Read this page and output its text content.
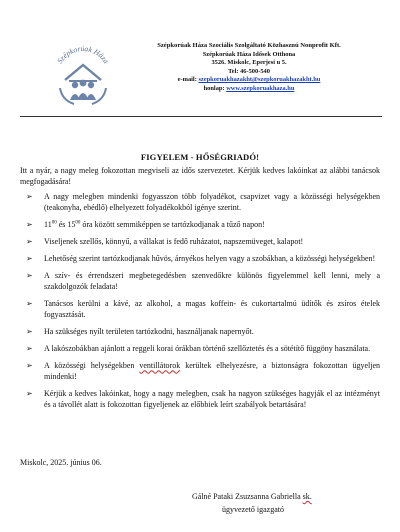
Szépkorúak Háza
Szépkorúak Háza Szociális Szolgáltató Közhasznú Nonprofit Kft.
Szépkorúak Háza Idősek Otthona
3526. Miskolc, Eperjesi u 5.
Tel: 46-500-540
e-mail: szepkoruakhazakht@szepkoruakhazakht.hu
honlap: www.szepkoruakhaza.hu
FIGYELEM - HŐSÉGRIADÓ!

Itt a nyár, a nagy meleg fokozottan megviseli az idős szervezetet. Kérjük kedves lakóinkat az alábbi tanácsok megfogadására!

➢ A nagy melegben mindenki fogyasszon több folyadékot, csapvizet vagy a közösségi helységekben (teakonyha, ebédlő) elhelyezett folyadékokból igénye szerint.
➢ $11^{00}$ és $15^{00}$ óra között semmiképpen se tartózkodjanak a tűző napon!
➢ Viseljenek szellős, könnyű, a vállakat is fedő ruházatot, napszemüveget, kalapot!
➢ Lehetőség szerint tartózkodjanak hűvös, árnyékos helyen vagy a szobákban, a közösségi helységekben!
➢ A szív- és érrendszeri megbetegedésben szenvedőkre különös figyelemmel kell lenni, mely a szakdolgozók feladata!
➢ Tanácsos kerülni a kávé, az alkohol, a magas koffein- és cukortartalmú üdítők és zsíros ételek fogyasztását.
➢ Ha szükséges nyílt területen tartózkodni, használjanak napernyőt.
➢ A lakószobákban ajánlott a reggeli korai órákban történő szellőztetés és a sötétítő függöny használata.
➢ A közösségi helységekben ventillátorok kerültek elhelyezésre, a biztonságra fokozottan ügyeljen mindenki!
➢ Kérjük a kedves lakóinkat, hogy a nagy melegben, csak ha nagyon szükséges hagyják el az intézményt és a távollét alatt is fokozottan figyeljenek az előbbiek leírt szabályok betartására!
Miskolc, 2025. június 06.
Gálné Pataki Zsuzsanna Gabriella sk.
ügyvezető igazgató
